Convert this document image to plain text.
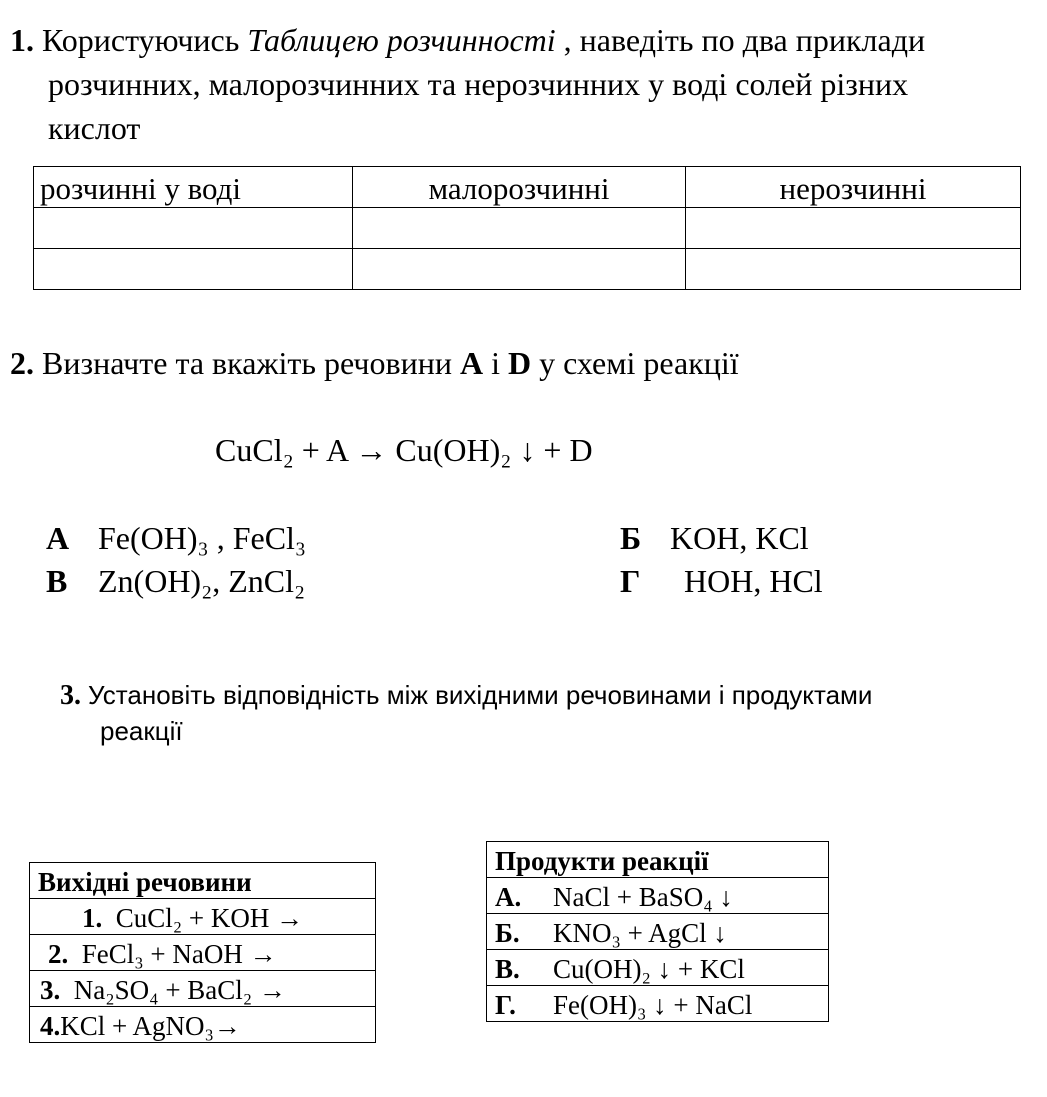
1. Користуючись Таблицею розчинності , наведіть по два приклади
розчинних, малорозчинних та нерозчинних у воді солей різних
кислот
розчинні у воді	малорозчинні	нерозчинні

2. Визначте та вкажіть речовини A і D у схемі реакції
CuCl₂ + A → Cu(OH)₂ ↓ + D
А Fe(OH)₃ , FeCl₃	Б KOH, KCl
В Zn(OH)₂, ZnCl₂	Г HOH, HCl
3. Установіть відповідність між вихідними речовинами і продуктами
реакції
Вихідні речовини
1. CuCl₂ + KOH →
2. FeCl₃ + NaOH →
3. Na₂SO₄ + BaCl₂ →
4.KCl + AgNO₃→
Продукти реакції
А. NaCl + BaSO₄ ↓
Б. KNO₃ + AgCl ↓
В. Cu(OH)₂ ↓ + KCl
Г. Fe(OH)₃ ↓ + NaCl
